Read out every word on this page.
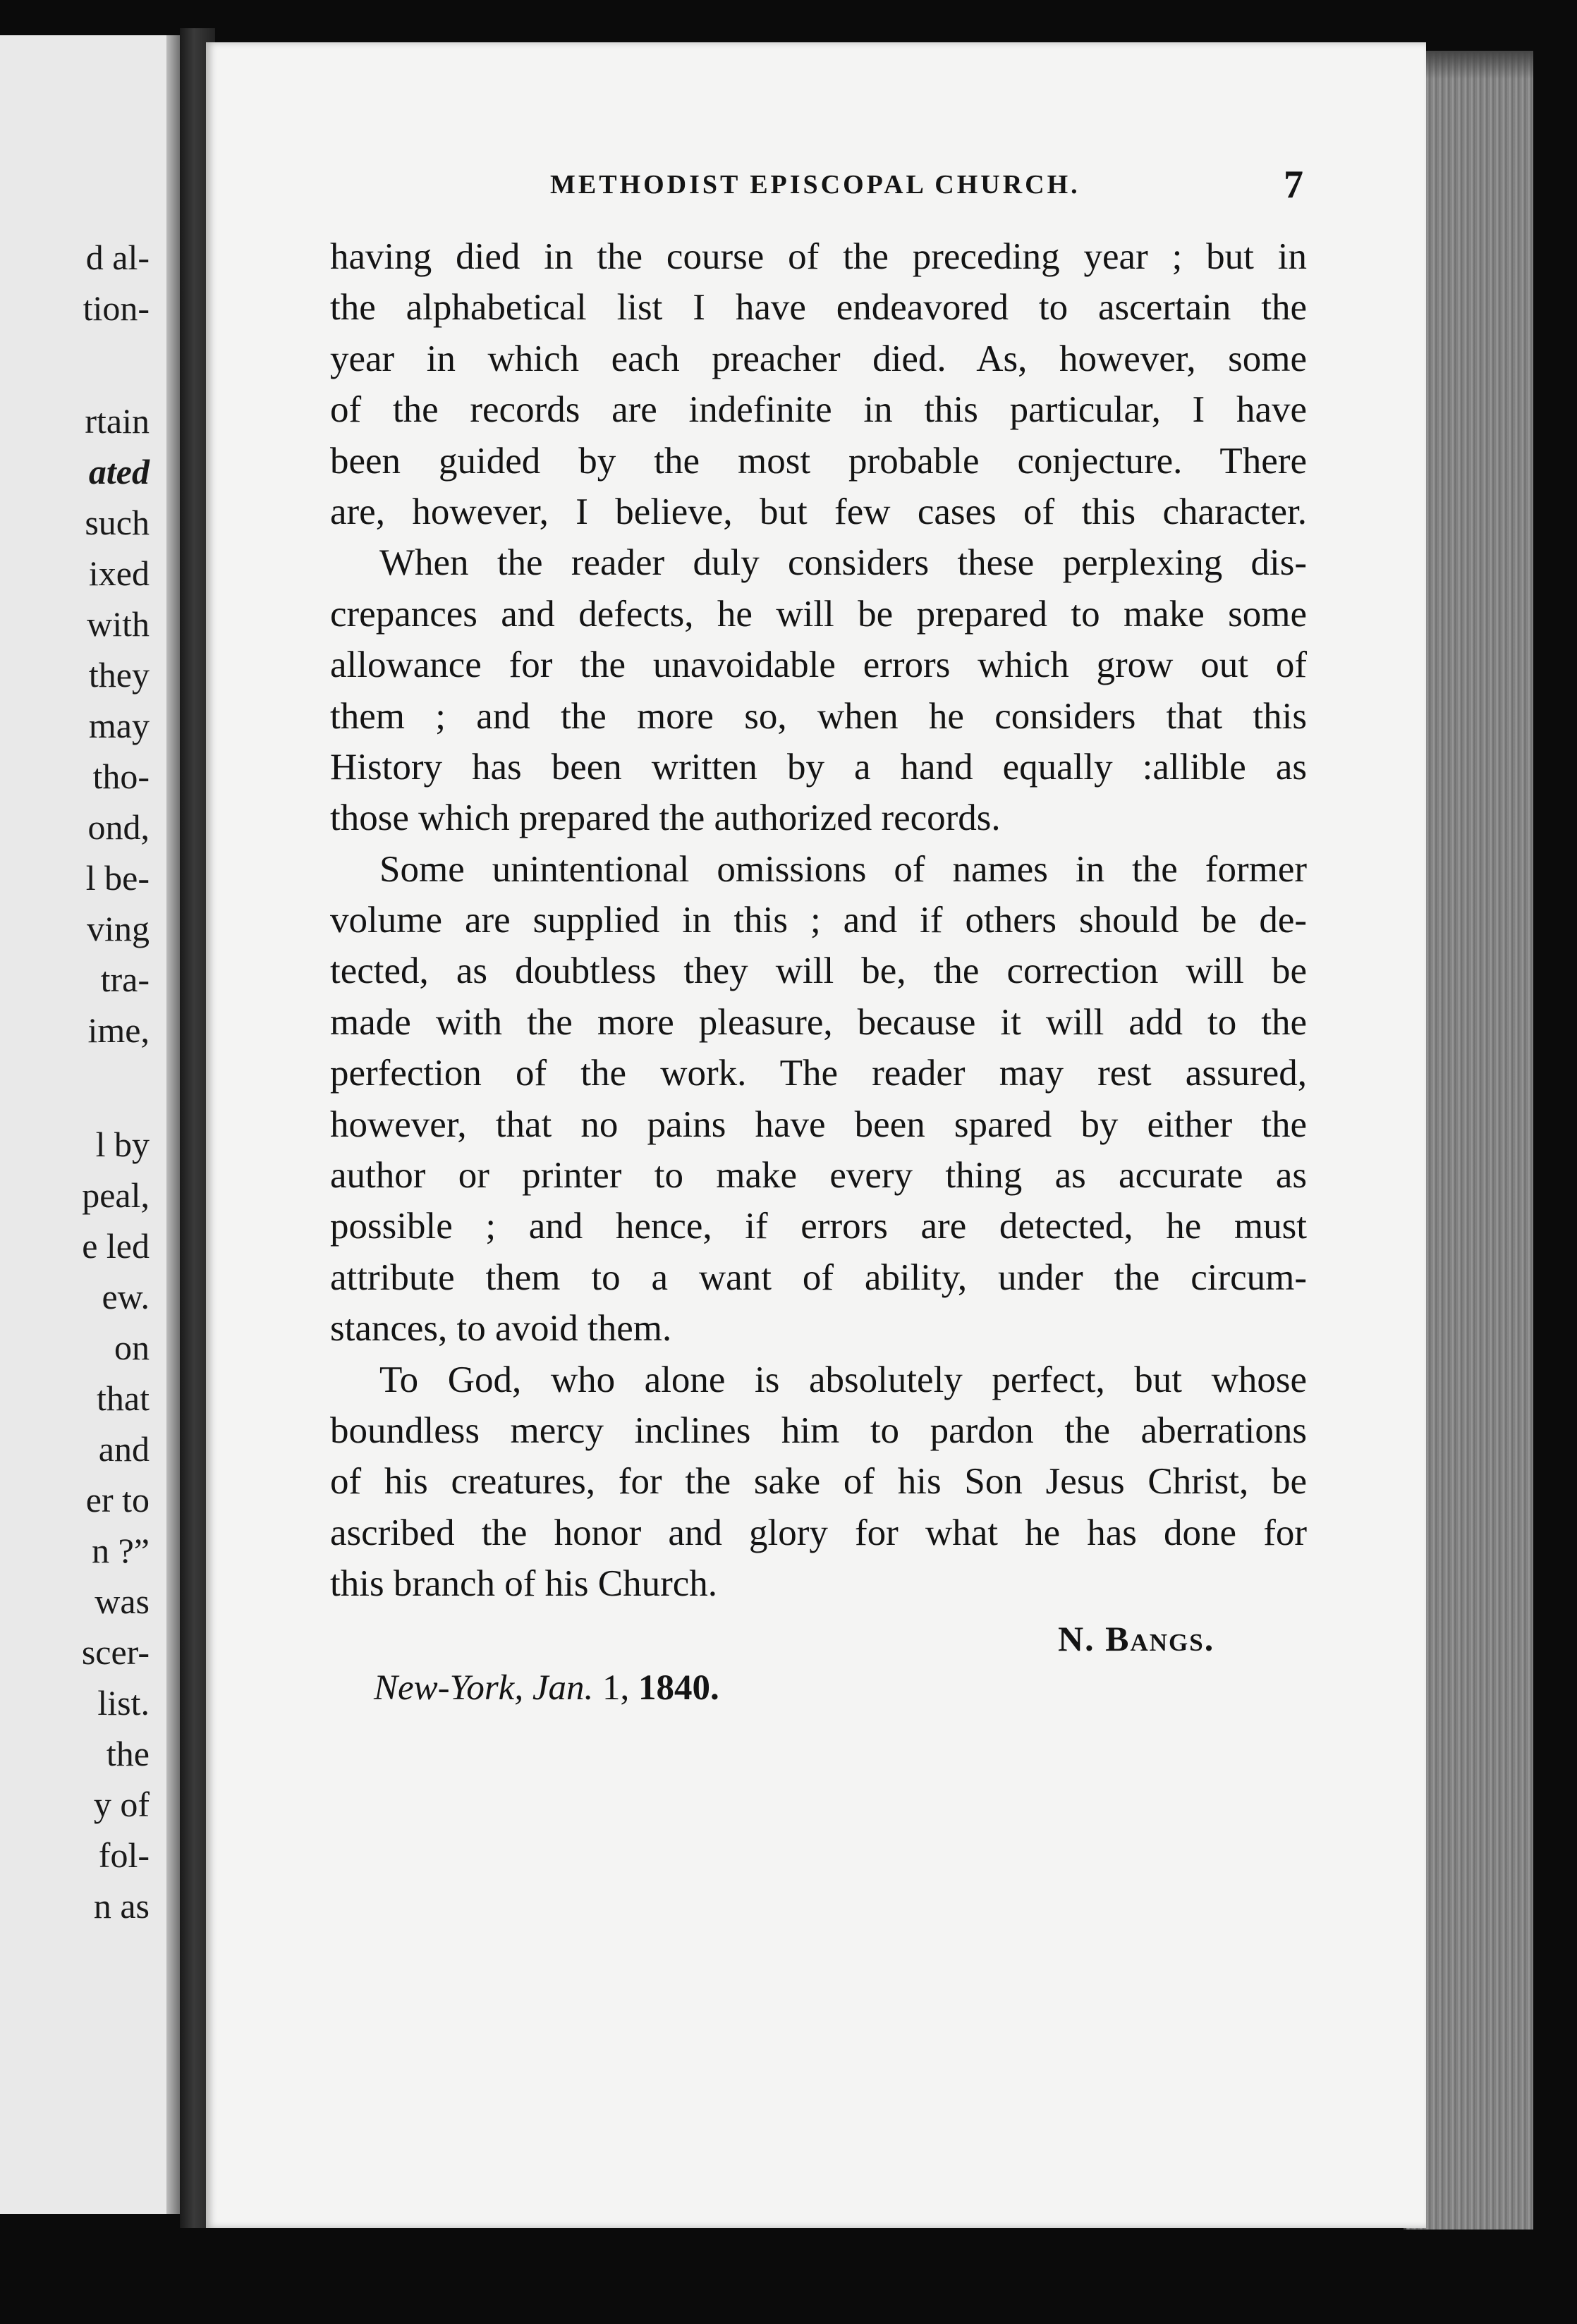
d al-
tion-
rtain
ated
such
ixed
with
they
may
tho-
ond,
l be-
ving
tra-
ime,
l by
peal,
e led
ew.
on
that
and
er to
n ?”
was
scer-
list.
the
y of
fol-
n as
METHODIST EPISCOPAL CHURCH.	7
having died in the course of the preceding year ; but in
the alphabetical list I have endeavored to ascertain the
year in which each preacher died. As, however, some
of the records are indefinite in this particular, I have
been guided by the most probable conjecture. There
are, however, I believe, but few cases of this character.
When the reader duly considers these perplexing dis-
crepances and defects, he will be prepared to make some
allowance for the unavoidable errors which grow out of
them ; and the more so, when he considers that this
History has been written by a hand equally :allible as
those which prepared the authorized records.
Some unintentional omissions of names in the former
volume are supplied in this ; and if others should be de-
tected, as doubtless they will be, the correction will be
made with the more pleasure, because it will add to the
perfection of the work. The reader may rest assured,
however, that no pains have been spared by either the
author or printer to make every thing as accurate as
possible ; and hence, if errors are detected, he must
attribute them to a want of ability, under the circum-
stances, to avoid them.
To God, who alone is absolutely perfect, but whose
boundless mercy inclines him to pardon the aberrations
of his creatures, for the sake of his Son Jesus Christ, be
ascribed the honor and glory for what he has done for
this branch of his Church.
N. Bangs.
New-York, Jan. 1, 1840.
